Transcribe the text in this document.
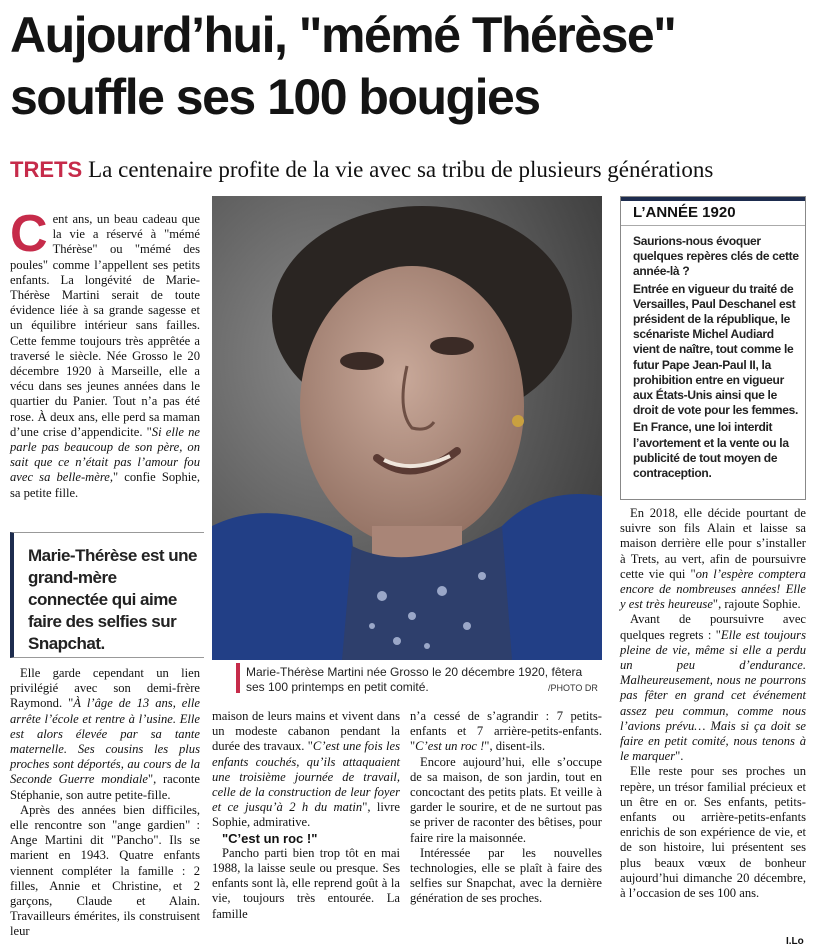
Aujourd’hui, "mémé Thérèse"
souffle ses 100 bougies
TRETS La centenaire profite de la vie avec sa tribu de plusieurs générations

Cent ans, un beau cadeau que la vie a réservé à "mémé Thérèse" ou "mémé des poules" comme l’appellent ses petits enfants. La longévité de Marie-Thérèse Martini serait de toute évidence liée à sa grande sagesse et un équilibre intérieur sans failles. Cette femme toujours très apprêtée a traversé le siècle. Née Grosso le 20 décembre 1920 à Marseille, elle a vécu dans ses jeunes années dans le quartier du Panier. Tout n’a pas été rose. À deux ans, elle perd sa maman d’une crise d’appendicite. "Si elle ne parle pas beaucoup de son père, on sait que ce n’était pas l’amour fou avec sa belle-mère," confie Sophie, sa petite fille.

Marie-Thérèse est une grand-mère connectée qui aime faire des selfies sur Snapchat.

Elle garde cependant un lien privilégié avec son demi-frère Raymond. "À l’âge de 13 ans, elle arrête l’école et rentre à l’usine. Elle est alors élevée par sa tante maternelle. Ses cousins les plus proches sont déportés, au cours de la Seconde Guerre mondiale", raconte Stéphanie, son autre petite-fille.

Après des années bien difficiles, elle rencontre son "ange gardien" : Ange Martini dit "Pancho". Ils se marient en 1943. Quatre enfants viennent compléter la famille : 2 filles, Annie et Christine, et 2 garçons, Claude et Alain. Travailleurs émérites, ils construisent leur

Marie-Thérèse Martini née Grosso le 20 décembre 1920, fêtera ses 100 printemps en petit comité.	/PHOTO DR

maison de leurs mains et vivent dans un modeste cabanon pendant la durée des travaux. "C’est une fois les enfants couchés, qu’ils attaquaient une troisième journée de travail, celle de la construction de leur foyer et ce jusqu’à 2 h du matin", livre Sophie, admirative.

"C’est un roc !"

Pancho parti bien trop tôt en mai 1988, la laisse seule ou presque. Ses enfants sont là, elle reprend goût à la vie, toujours très entourée. La famille

n’a cessé de s’agrandir : 7 petits-enfants et 7 arrière-petits-enfants. "C’est un roc !", disent-ils.

Encore aujourd’hui, elle s’occupe de sa maison, de son jardin, tout en concoctant des petits plats. Et veille à garder le sourire, et de ne surtout pas se priver de raconter des bêtises, pour faire rire la maisonnée.

Intéressée par les nouvelles technologies, elle se plaît à faire des selfies sur Snapchat, avec la dernière génération de ses proches.

L’ANNÉE 1920

Saurions-nous évoquer quelques repères clés de cette année-là ?

Entrée en vigueur du traité de Versailles, Paul Deschanel est président de la république, le scénariste Michel Audiard vient de naître, tout comme le futur Pape Jean-Paul II, la prohibition entre en vigueur aux États-Unis ainsi que le droit de vote pour les femmes.

En France, une loi interdit l’avortement et la vente ou la publicité de tout moyen de contraception.

En 2018, elle décide pourtant de suivre son fils Alain et laisse sa maison derrière elle pour s’installer à Trets, au vert, afin de poursuivre cette vie qui "on l’espère comptera encore de nombreuses années! Elle y est très heureuse", rajoute Sophie.

Avant de poursuivre avec quelques regrets : "Elle est toujours pleine de vie, même si elle a perdu un peu d’endurance. Malheureusement, nous ne pourrons pas fêter en grand cet événement assez peu commun, comme nous l’avions prévu… Mais si ça doit se faire en petit comité, nous tenons à le marquer".

Elle reste pour ses proches un repère, un trésor familial précieux et un être en or. Ses enfants, petits-enfants ou arrière-petits-enfants enrichis de son expérience de vie, et de son histoire, lui présentent ses plus beaux vœux de bonheur aujourd’hui dimanche 20 décembre, à l’occasion de ses 100 ans.

I.Lo
